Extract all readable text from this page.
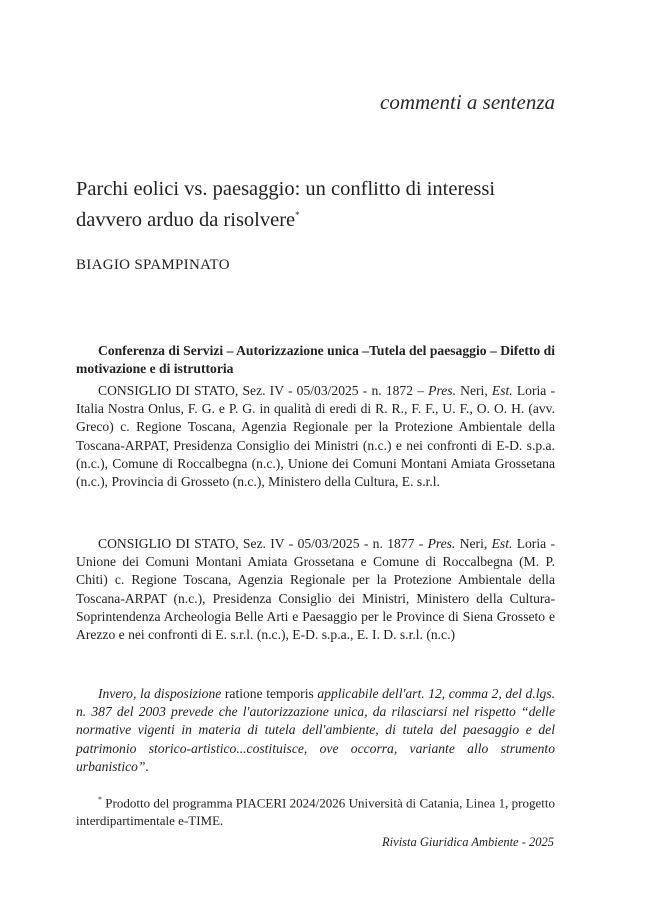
commenti a sentenza
Parchi eolici vs. paesaggio: un conflitto di interessi davvero arduo da risolvere*
BIAGIO SPAMPINATO
Conferenza di Servizi – Autorizzazione unica –Tutela del paesaggio – Difetto di motivazione e di istruttoria
CONSIGLIO DI STATO, Sez. IV - 05/03/2025 - n. 1872 – Pres. Neri, Est. Loria - Italia Nostra Onlus, F. G. e P. G. in qualità di eredi di R. R., F. F., U. F., O. O. H. (avv. Greco) c. Regione Toscana, Agenzia Regionale per la Protezione Ambientale della Toscana-ARPAT, Presidenza Consiglio dei Ministri (n.c.) e nei confronti di E-D. s.p.a. (n.c.), Comune di Roccalbegna (n.c.), Unione dei Comuni Montani Amiata Grossetana (n.c.), Provincia di Grosseto (n.c.), Ministero della Cultura, E. s.r.l.
CONSIGLIO DI STATO, Sez. IV - 05/03/2025 - n. 1877 - Pres. Neri, Est. Loria - Unione dei Comuni Montani Amiata Grossetana e Comune di Roccalbegna (M. P. Chiti) c. Regione Toscana, Agenzia Regionale per la Protezione Ambientale della Toscana-ARPAT (n.c.), Presidenza Consiglio dei Ministri, Ministero della Cultura-Soprintendenza Archeologia Belle Arti e Paesaggio per le Province di Siena Grosseto e Arezzo e nei confronti di E. s.r.l. (n.c.), E-D. s.p.a., E. I. D. s.r.l. (n.c.)
Invero, la disposizione ratione temporis applicabile dell'art. 12, comma 2, del d.lgs. n. 387 del 2003 prevede che l'autorizzazione unica, da rilasciarsi nel rispetto “delle normative vigenti in materia di tutela dell'ambiente, di tutela del paesaggio e del patrimonio storico-artistico...costituisce, ove occorra, variante allo strumento urbanistico”.
* Prodotto del programma PIACERI 2024/2026 Università di Catania, Linea 1, progetto interdipartimentale e-TIME.
Rivista Giuridica Ambiente - 2025
